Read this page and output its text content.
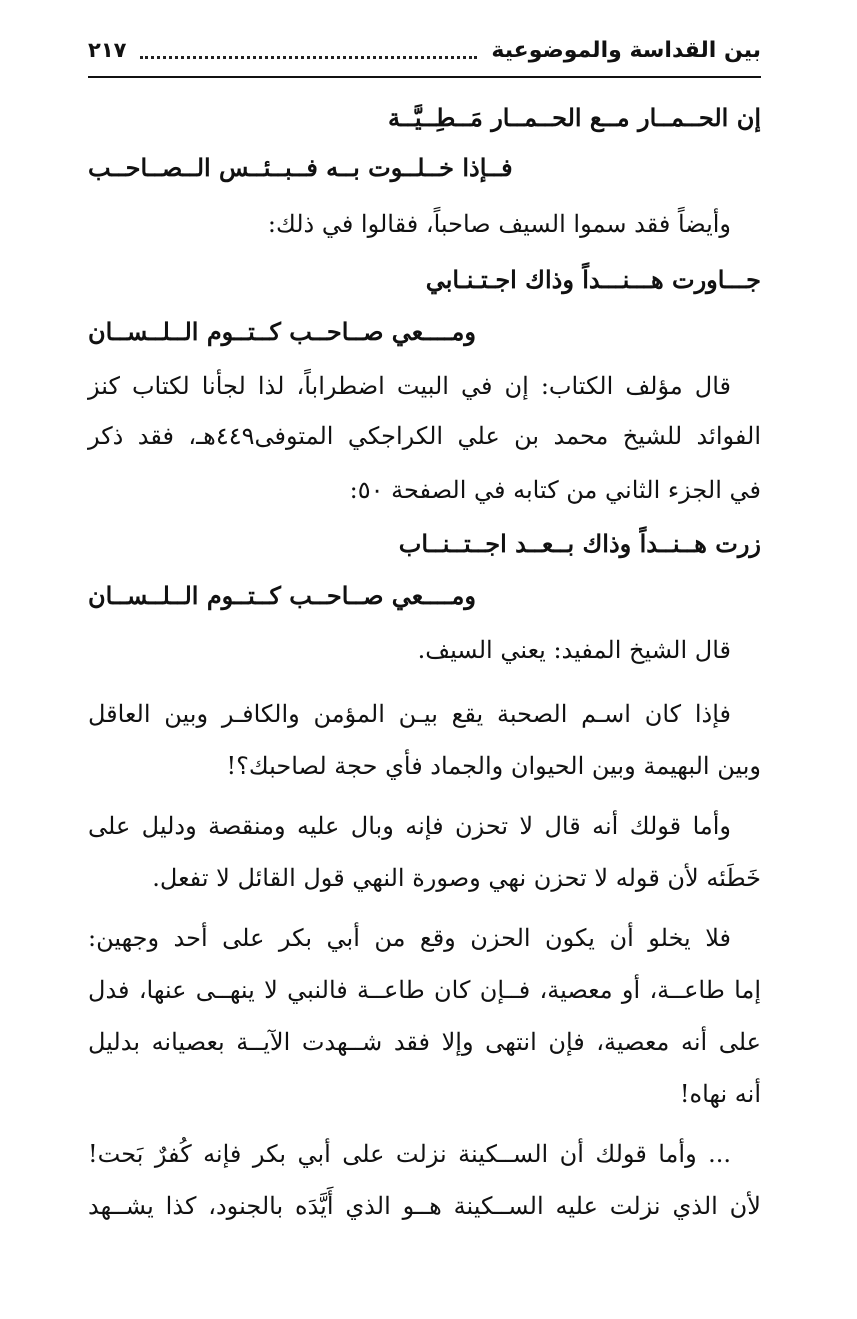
بين القداسة والموضوعية
٢١٧
إن الحــمــار مــع الحــمــار مَــطِــيَّــة
فــإذا خــلــوت بــه فــبــئــس الــصــاحــب
وأيضاً فقد سموا السيف صاحباً، فقالوا في ذلك:
جـــاورت هـــنـــداً وذاك اجـتـنـابي
ومــــعي صــاحــب كــتــوم الــلــســان
قال مؤلف الكتاب: إن في البيت اضطراباً، لذا لجأنا لكتاب كنز
الفوائد للشيخ محمد بن علي الكراجكي المتوفى٤٤٩هـ، فقد ذكر
في الجزء الثاني من كتابه في الصفحة ٥٠:
زرت هــنــداً وذاك بــعــد اجــتــنــاب
ومــــعي صــاحــب كــتــوم الــلــســان
قال الشيخ المفيد: يعني السيف.
فإذا كان اسـم الصحبة يقع بيـن المؤمن والكافـر وبين العاقل
وبين البهيمة وبين الحيوان والجماد فأي حجة لصاحبك؟!
وأما قولك أنه قال لا تحزن فإنه وبال عليه ومنقصة ودليل على
خَطَئه لأن قوله لا تحزن نهي وصورة النهي قول القائل لا تفعل.
فلا يخلو أن يكون الحزن وقع من أبي بكر على أحد وجهين:
إما طاعــة، أو معصية، فــإن كان طاعــة فالنبي لا ينهــى عنها، فدل
على أنه معصية، فإن انتهى وإلا فقد شــهدت الآيــة بعصيانه بدليل
أنه نهاه!
... وأما قولك أن الســكينة نزلت على أبي بكر فإنه كُفرٌ بَحت!
لأن الذي نزلت عليه الســكينة هــو الذي أَيَّدَه بالجنود، كذا يشــهد
